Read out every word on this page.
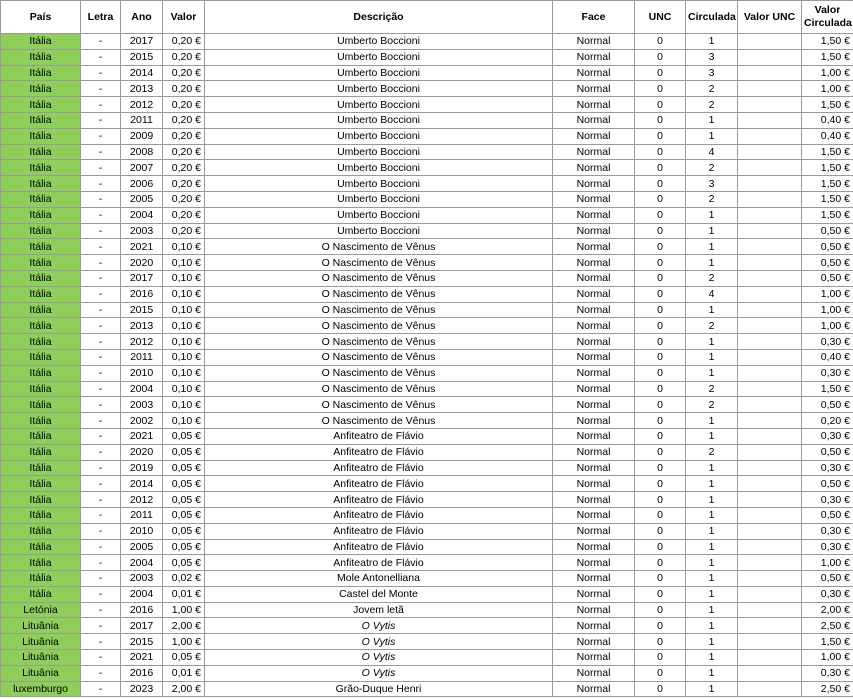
País	Letra	Ano	Valor	Descrição	Face	UNC	Circulada	Valor UNC	Valor Circulada
Itália	-	2017	0,20 €	Umberto Boccioni	Normal	0	1		1,50 €
Itália	-	2015	0,20 €	Umberto Boccioni	Normal	0	3		1,50 €
Itália	-	2014	0,20 €	Umberto Boccioni	Normal	0	3		1,00 €
Itália	-	2013	0,20 €	Umberto Boccioni	Normal	0	2		1,00 €
Itália	-	2012	0,20 €	Umberto Boccioni	Normal	0	2		1,50 €
Itália	-	2011	0,20 €	Umberto Boccioni	Normal	0	1		0,40 €
Itália	-	2009	0,20 €	Umberto Boccioni	Normal	0	1		0,40 €
Itália	-	2008	0,20 €	Umberto Boccioni	Normal	0	4		1,50 €
Itália	-	2007	0,20 €	Umberto Boccioni	Normal	0	2		1,50 €
Itália	-	2006	0,20 €	Umberto Boccioni	Normal	0	3		1,50 €
Itália	-	2005	0,20 €	Umberto Boccioni	Normal	0	2		1,50 €
Itália	-	2004	0,20 €	Umberto Boccioni	Normal	0	1		1,50 €
Itália	-	2003	0,20 €	Umberto Boccioni	Normal	0	1		0,50 €
Itália	-	2021	0,10 €	O Nascimento de Vênus	Normal	0	1		0,50 €
Itália	-	2020	0,10 €	O Nascimento de Vênus	Normal	0	1		0,50 €
Itália	-	2017	0,10 €	O Nascimento de Vênus	Normal	0	2		0,50 €
Itália	-	2016	0,10 €	O Nascimento de Vênus	Normal	0	4		1,00 €
Itália	-	2015	0,10 €	O Nascimento de Vênus	Normal	0	1		1,00 €
Itália	-	2013	0,10 €	O Nascimento de Vênus	Normal	0	2		1,00 €
Itália	-	2012	0,10 €	O Nascimento de Vênus	Normal	0	1		0,30 €
Itália	-	2011	0,10 €	O Nascimento de Vênus	Normal	0	1		0,40 €
Itália	-	2010	0,10 €	O Nascimento de Vênus	Normal	0	1		0,30 €
Itália	-	2004	0,10 €	O Nascimento de Vênus	Normal	0	2		1,50 €
Itália	-	2003	0,10 €	O Nascimento de Vênus	Normal	0	2		0,50 €
Itália	-	2002	0,10 €	O Nascimento de Vênus	Normal	0	1		0,20 €
Itália	-	2021	0,05 €	Anfiteatro de Flávio	Normal	0	1		0,30 €
Itália	-	2020	0,05 €	Anfiteatro de Flávio	Normal	0	2		0,50 €
Itália	-	2019	0,05 €	Anfiteatro de Flávio	Normal	0	1		0,30 €
Itália	-	2014	0,05 €	Anfiteatro de Flávio	Normal	0	1		0,50 €
Itália	-	2012	0,05 €	Anfiteatro de Flávio	Normal	0	1		0,30 €
Itália	-	2011	0,05 €	Anfiteatro de Flávio	Normal	0	1		0,50 €
Itália	-	2010	0,05 €	Anfiteatro de Flávio	Normal	0	1		0,30 €
Itália	-	2005	0,05 €	Anfiteatro de Flávio	Normal	0	1		0,30 €
Itália	-	2004	0,05 €	Anfiteatro de Flávio	Normal	0	1		1,00 €
Itália	-	2003	0,02 €	Mole Antonelliana	Normal	0	1		0,50 €
Itália	-	2004	0,01 €	Castel del Monte	Normal	0	1		0,30 €
Letónia	-	2016	1,00 €	Jovem letã	Normal	0	1		2,00 €
Lituânia	-	2017	2,00 €	O Vytis	Normal	0	1		2,50 €
Lituânia	-	2015	1,00 €	O Vytis	Normal	0	1		1,50 €
Lituânia	-	2021	0,05 €	O Vytis	Normal	0	1		1,00 €
Lituânia	-	2016	0,01 €	O Vytis	Normal	0	1		0,30 €
luxemburgo	-	2023	2,00 €	Grão-Duque Henri	Normal	0	1		2,50 €
